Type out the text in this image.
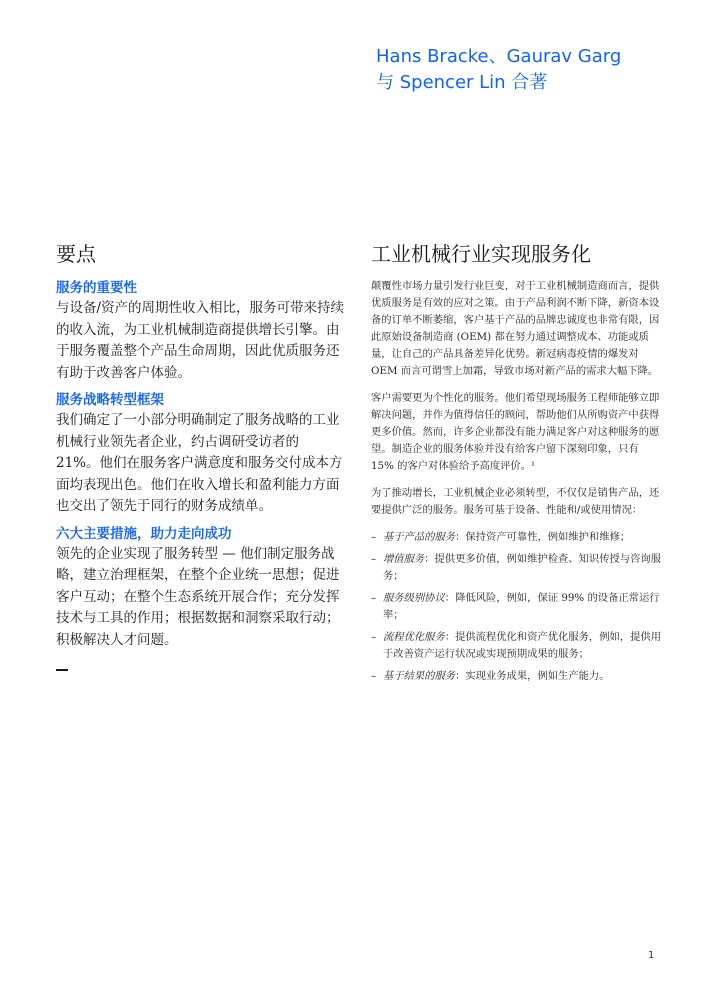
Hans Bracke、Gaurav Garg
与 Spencer Lin 合著
要点

服务的重要性

与设备/资产的周期性收入相比，服务可带来持续的收入流，为工业机械制造商提供增长引擎。由于服务覆盖整个产品生命周期，因此优质服务还有助于改善客户体验。

服务战略转型框架

我们确定了一小部分明确制定了服务战略的工业机械行业领先者企业，约占调研受访者的 21%。他们在服务客户满意度和服务交付成本方面均表现出色。他们在收入增长和盈利能力方面也交出了领先于同行的财务成绩单。

六大主要措施，助力走向成功

领先的企业实现了服务转型 — 他们制定服务战略，建立治理框架，在整个企业统一思想；促进客户互动；在整个生态系统开展合作；充分发挥技术与工具的作用；根据数据和洞察采取行动；积极解决人才问题。

工业机械行业实现服务化

颠覆性市场力量引发行业巨变，对于工业机械制造商而言，提供优质服务是有效的应对之策。由于产品利润不断下降，新资本设备的订单不断萎缩，客户基于产品的品牌忠诚度也非常有限，因此原始设备制造商 (OEM) 都在努力通过调整成本、功能或质量，让自己的产品具备差异化优势。新冠病毒疫情的爆发对 OEM 而言可谓雪上加霜，导致市场对新产品的需求大幅下降。

客户需要更为个性化的服务。他们希望现场服务工程师能够立即解决问题，并作为值得信任的顾问，帮助他们从所购资产中获得更多价值。然而，许多企业都没有能力满足客户对这种服务的愿望。制造企业的服务体验并没有给客户留下深刻印象，只有 15% 的客户对体验给予高度评价。¹

为了推动增长，工业机械企业必须转型，不仅仅是销售产品，还要提供广泛的服务。服务可基于设备、性能和/或使用情况：

– 基于产品的服务：保持资产可靠性，例如维护和维修；
– 增值服务：提供更多价值，例如维护检查、知识传授与咨询服务；
– 服务级别协议：降低风险，例如，保证 99% 的设备正常运行率；
– 流程优化服务：提供流程优化和资产优化服务，例如，提供用于改善资产运行状况或实现预期成果的服务；
– 基于结果的服务：实现业务成果，例如生产能力。
1
